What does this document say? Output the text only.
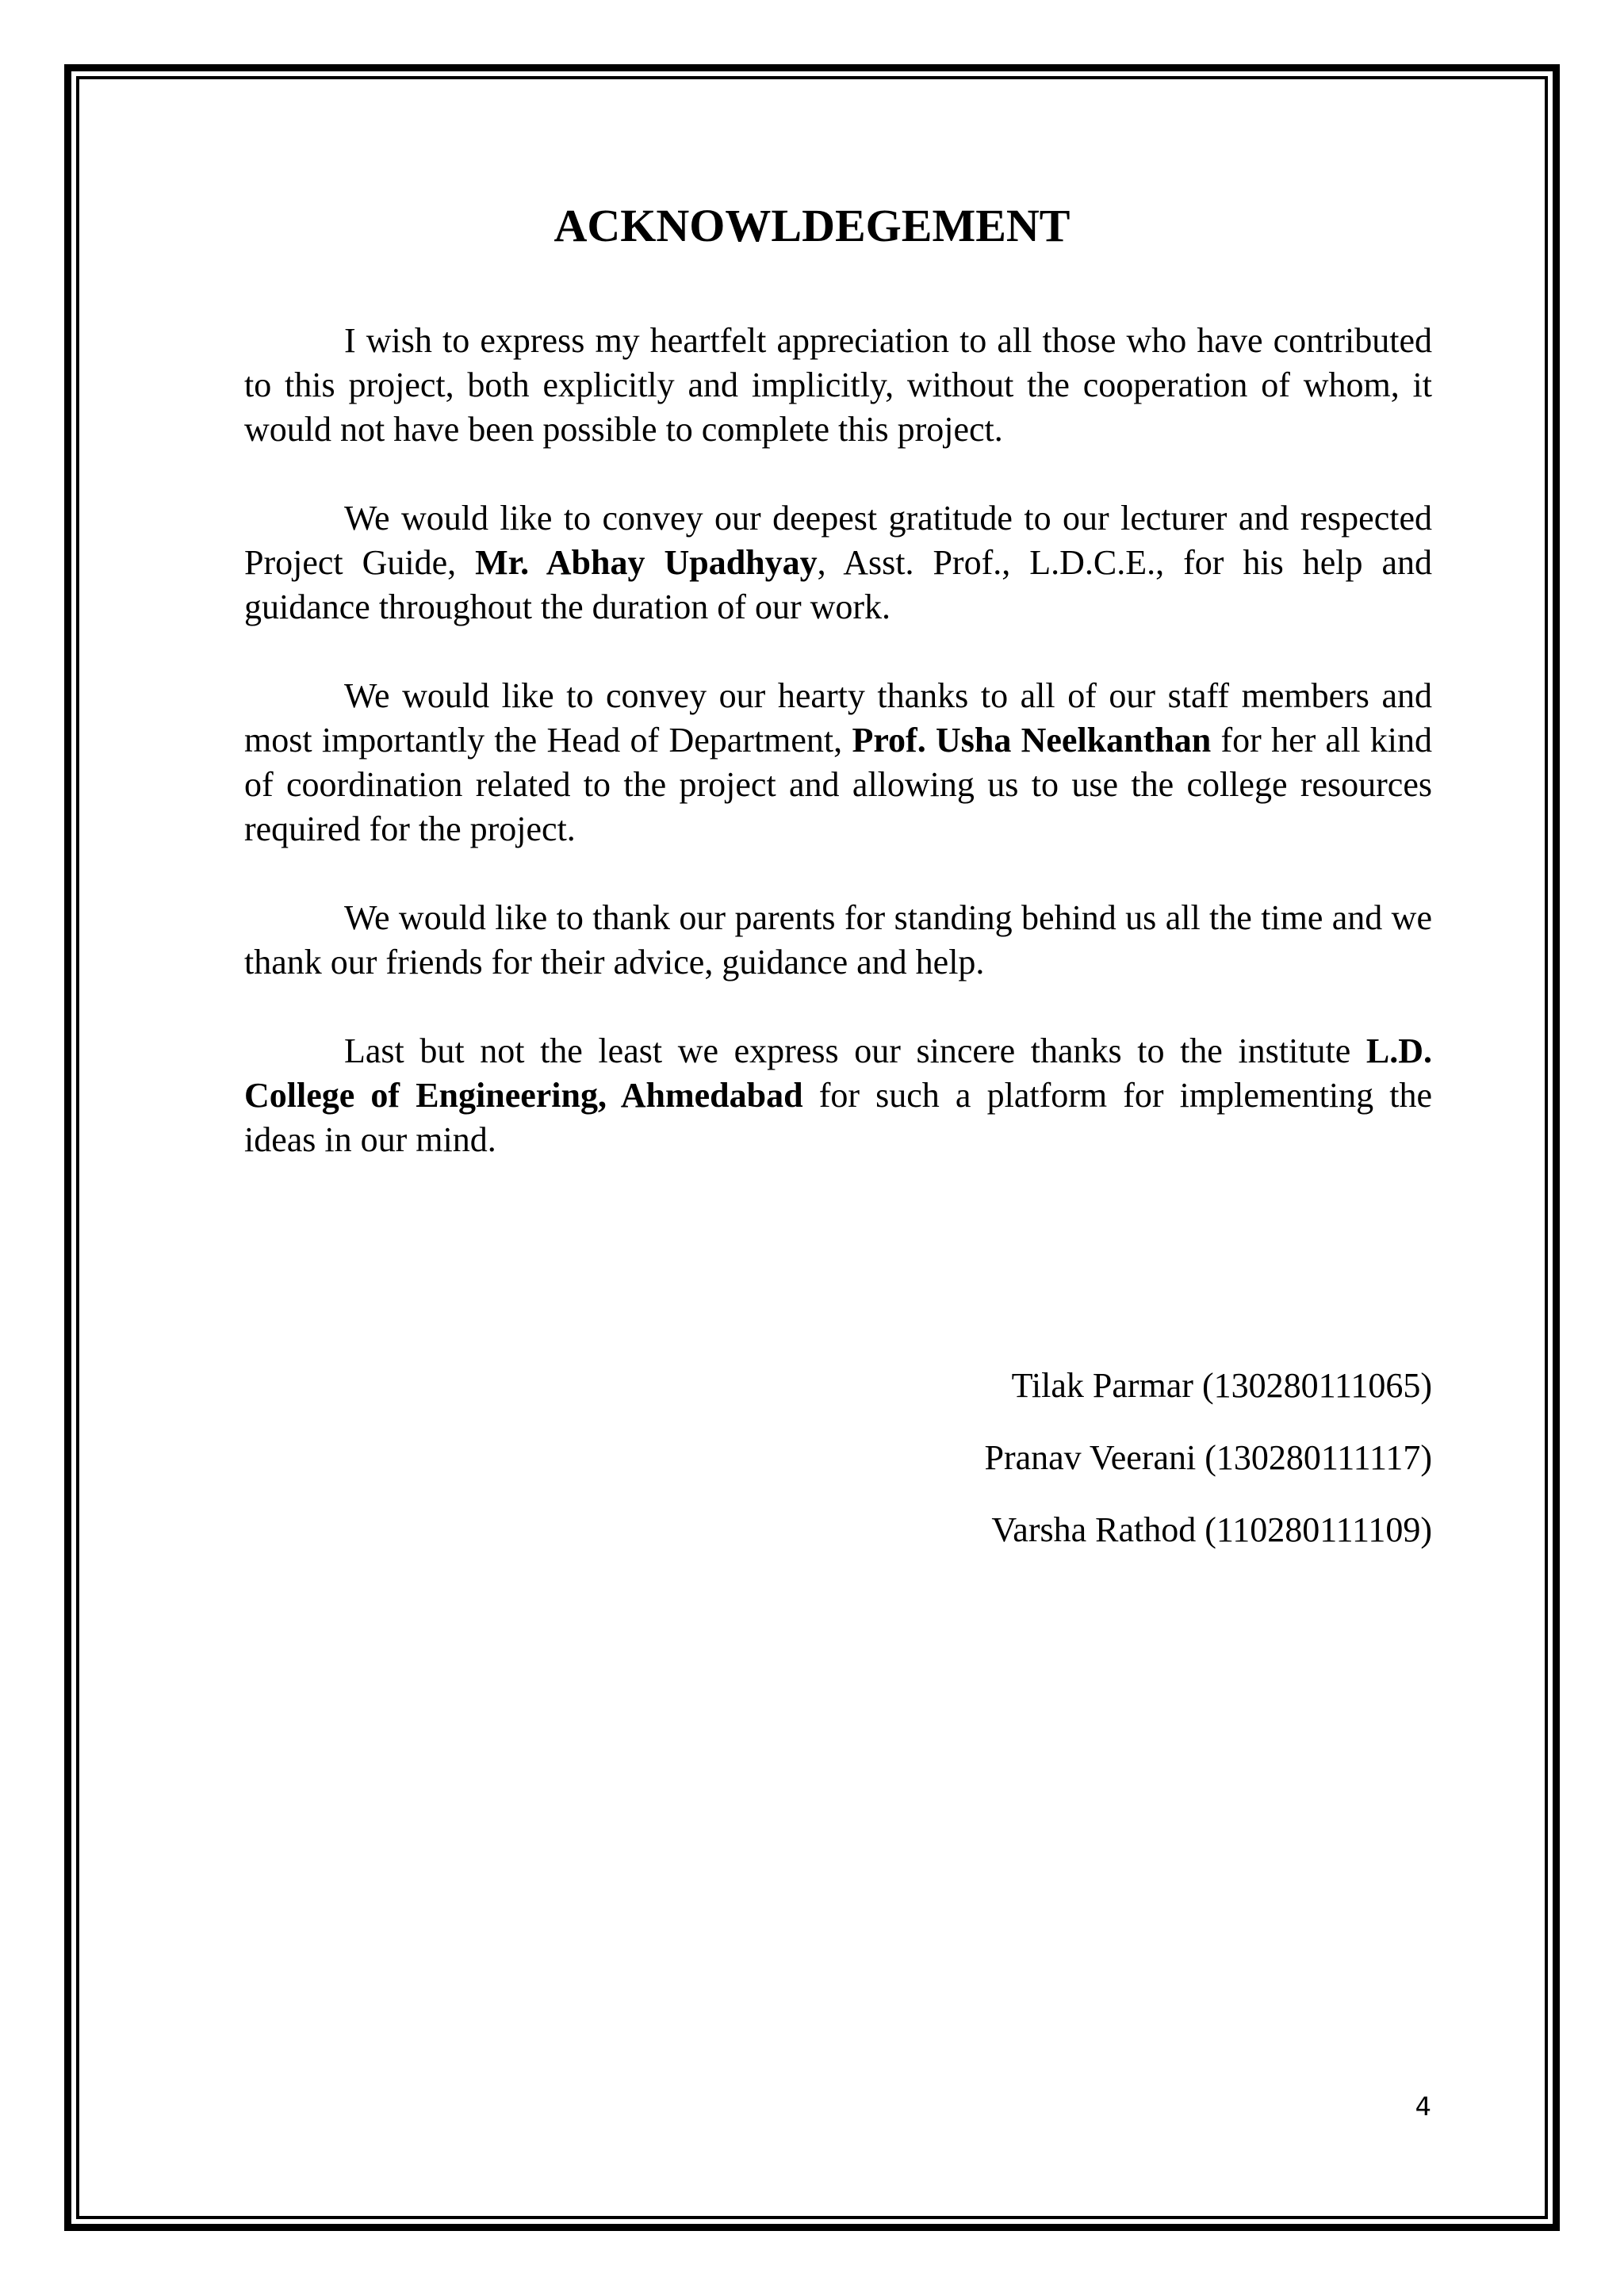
ACKNOWLDEGEMENT

I wish to express my heartfelt appreciation to all those who have contributed to this project, both explicitly and implicitly, without the cooperation of whom, it would not have been possible to complete this project.

We would like to convey our deepest gratitude to our lecturer and respected Project Guide, Mr. Abhay Upadhyay, Asst. Prof., L.D.C.E., for his help and guidance throughout the duration of our work.

We would like to convey our hearty thanks to all of our staff members and most importantly the Head of Department, Prof. Usha Neelkanthan for her all kind of coordination related to the project and allowing us to use the college resources required for the project.

We would like to thank our parents for standing behind us all the time and we thank our friends for their advice, guidance and help.

Last but not the least we express our sincere thanks to the institute L.D. College of Engineering, Ahmedabad for such a platform for implementing the ideas in our mind.

Tilak Parmar (130280111065)

Pranav Veerani (130280111117)

Varsha Rathod (110280111109)

4
